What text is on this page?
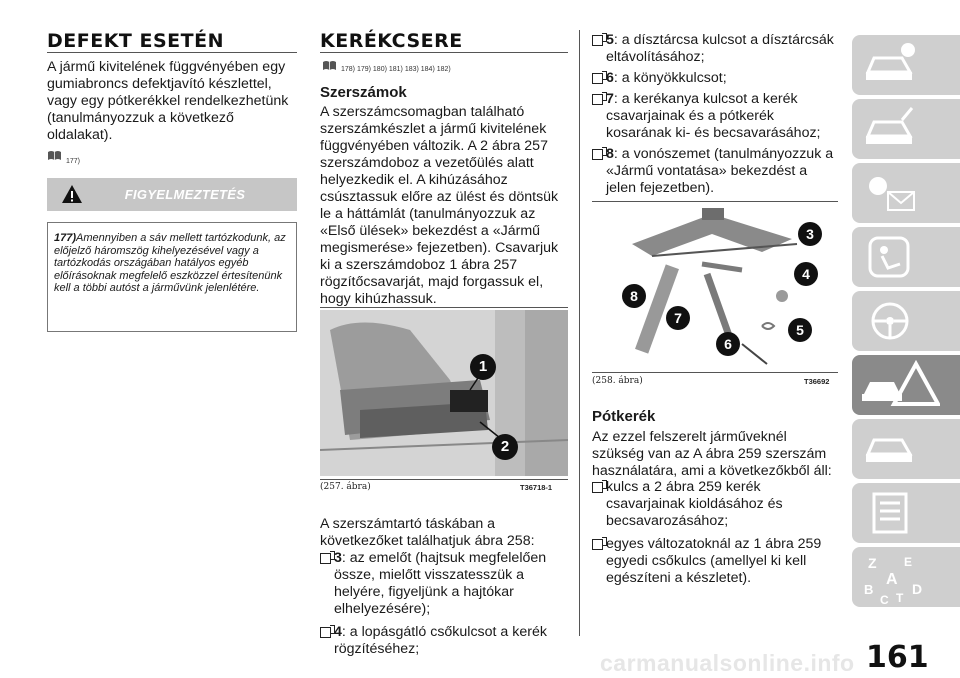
DEFEKT ESETÉN

A jármű kivitelének függvényében egy gumiabroncs defektjavító készlettel, vagy egy pótkerékkel rendelkezhetünk (tanulmányozzuk a következő oldalakat).

177)
FIGYELMEZTETÉS
177)Amennyiben a sáv mellett tartózkodunk, az előjelző háromszög kihelyezésével vagy a tartózkodás országában hatályos egyéb előírásoknak megfelelő eszközzel értesítenünk kell a többi autóst a járművünk jelenlétére.
KERÉKCSERE
178) 179) 180) 181) 183) 184) 182)
Szerszámok

A szerszámcsomagban található szerszámkészlet a jármű kivitelének függvényében változik. A 2 ábra 257 szerszámdoboz a vezetőülés alatt helyezkedik el. A kihúzásához csúsztassuk előre az ülést és döntsük le a háttámlát (tanulmányozzuk az «Első ülések» bekezdést a «Jármű megismerése» fejezetben). Csavarjuk ki a szerszámdoboz 1 ábra 257 rögzítőcsavarját, majd forgassuk el, hogy kihúzhassuk.

1
2
(257. ábra)	T36718-1

A szerszámtartó táskában a következőket találhatjuk ábra 258:

3: az emelőt (hajtsuk megfelelően össze, mielőtt visszatesszük a helyére, figyeljünk a hajtókar elhelyezésére);
4: a lopásgátló csőkulcsot a kerék rögzítéséhez;
5: a dísztárcsa kulcsot a dísztárcsák eltávolításához;
6: a könyökkulcsot;
7: a kerékanya kulcsot a kerék csavarjainak és a pótkerék kosarának ki- és becsavarásához;
8: a vonószemet (tanulmányozzuk a «Jármű vontatása» bekezdést a jelen fejezetben).
3
4
5
6
7
8
(258. ábra)	T36692
Pótkerék

Az ezzel felszerelt járműveknél szükség van az A ábra 259 szerszám használatára, ami a következőkből áll:

kulcs a 2 ábra 259 kerék csavarjainak kioldásához és becsavarozásához;
egyes változatoknál az 1 ábra 259 egyedi csőkulcs (amellyel ki kell egészíteni a készletet).
Z E
A
B
C T
D
161
carmanualsonline.info
